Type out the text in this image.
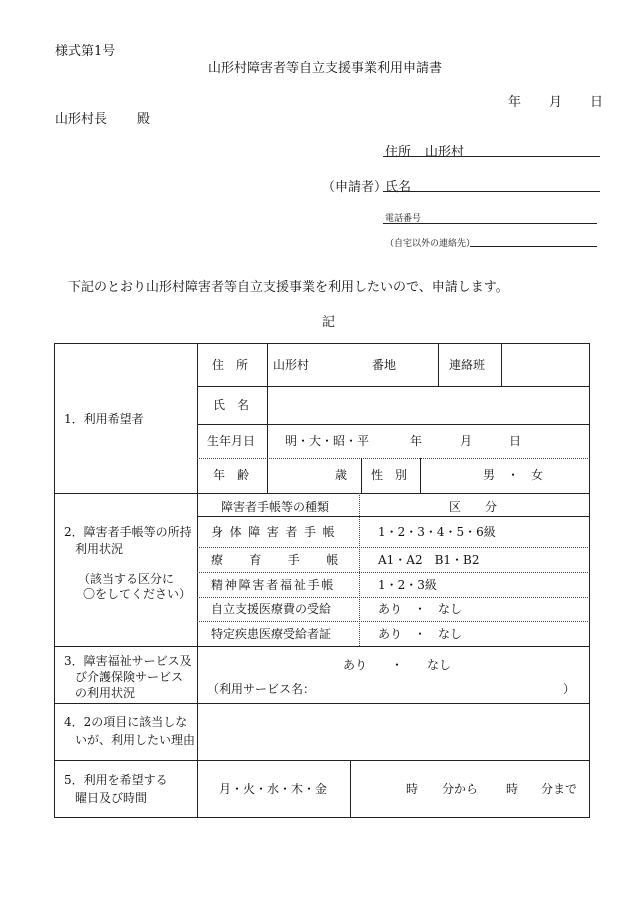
様式第1号
山形村障害者等自立支援事業利用申請書
年 月 日
山形村長 殿
住所 山形村
（申請者）
氏名
電話番号
（自宅以外の連絡先）
下記のとおり山形村障害者等自立支援事業を利用したいので、申請します。
記
1．利用希望者
住　所 山形村	番地	連絡班
氏　名
生年月日 明・大・昭・平	年	月	日
年　齢	歳 性　別	男　・　女
2．障害者手帳等の所持
利用状況
（該当する区分に
〇をしてください）
障害者手帳等の種類	区　　分
身体障害者手帳	1・2・3・4・5・6級
療育手帳 A1・A2　B1・B2
精神障害者福祉手帳	1・2・3級
自立支援医療費の受給	あり　・　なし
特定疾患医療受給者証	あり　・　なし
3．障害福祉サービス及
び介護保険サービス
の利用状況
あり　　・　　なし
（利用サービス名：	）
4．2の項目に該当しな
いが、利用したい理由
5．利用を希望する
曜日及び時間
月・火・水・木・金	時 分から 時 分まで
